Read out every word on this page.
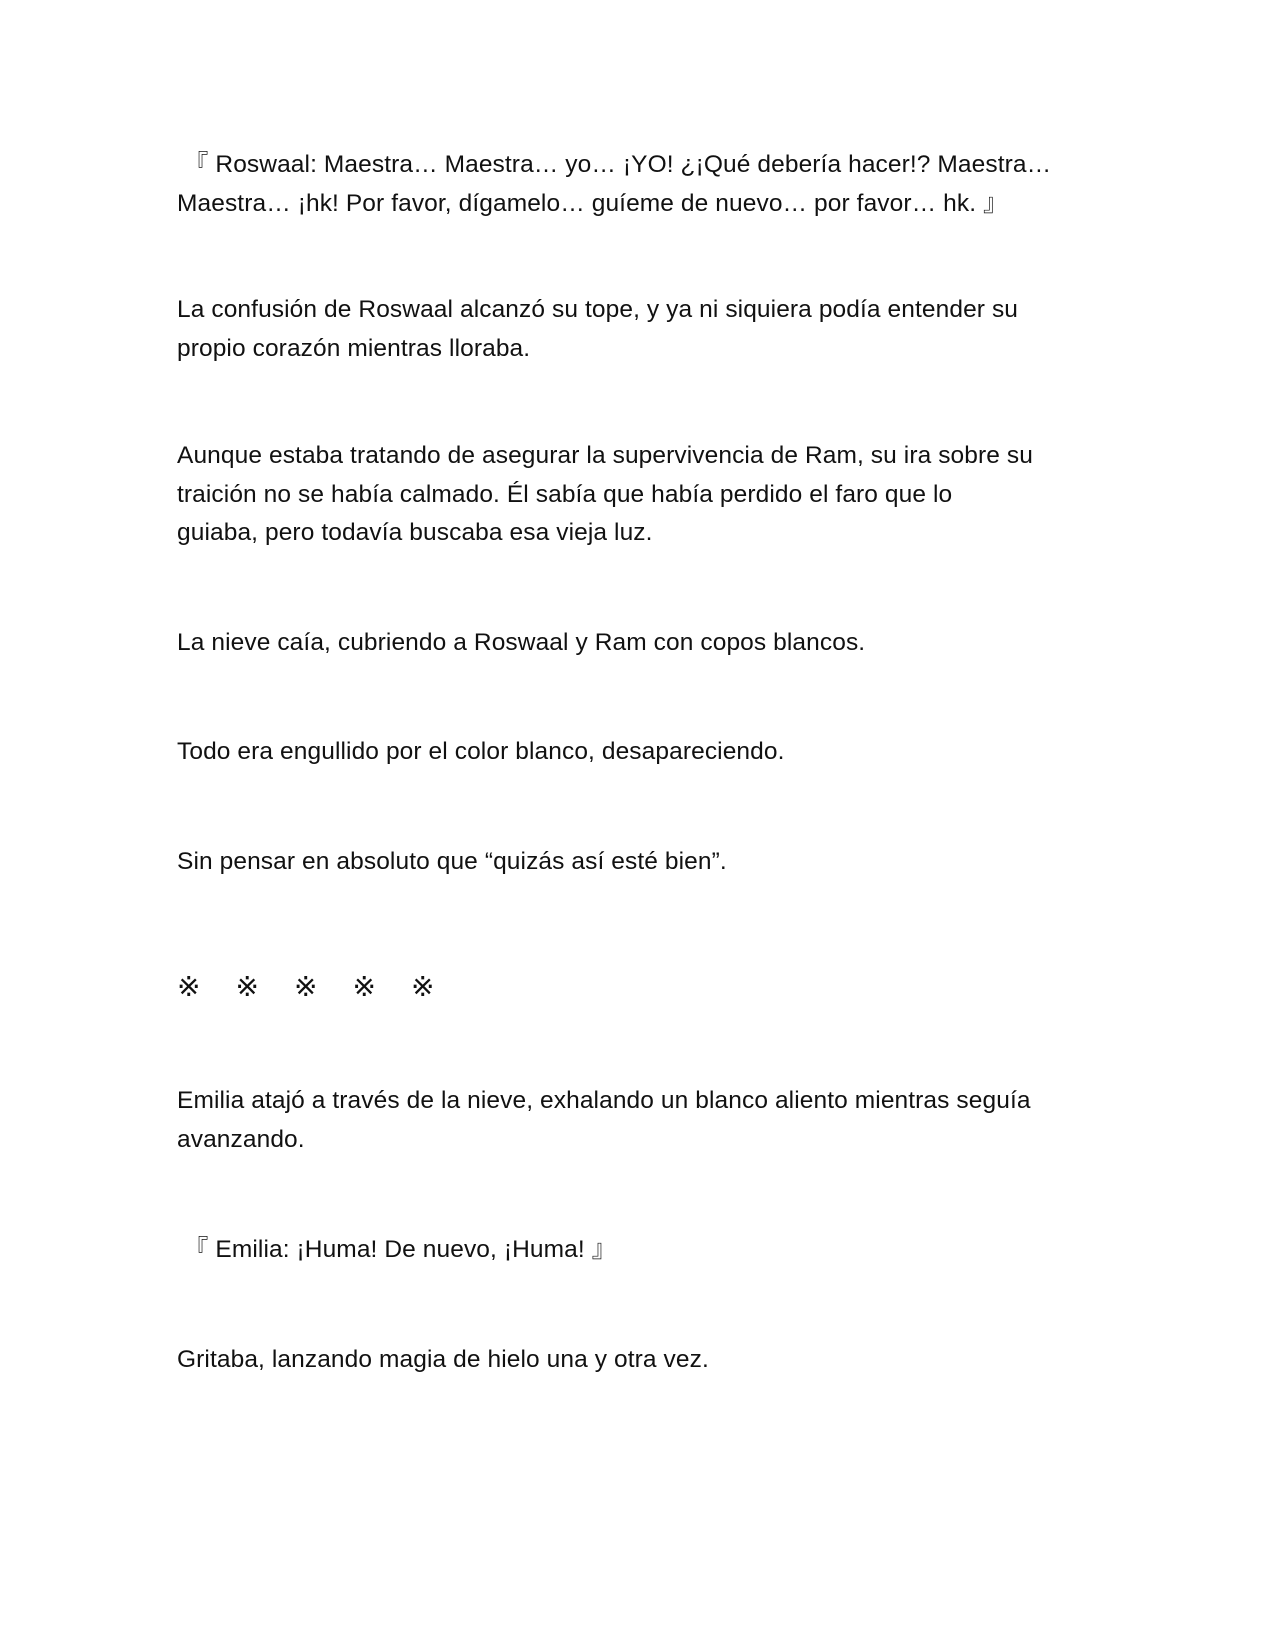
『 Roswaal: Maestra… Maestra… yo… ¡YO! ¿¡Qué debería hacer!? Maestra…
Maestra… ¡hk! Por favor, dígamelo… guíeme de nuevo… por favor… hk. 』

La confusión de Roswaal alcanzó su tope, y ya ni siquiera podía entender su
propio corazón mientras lloraba.

Aunque estaba tratando de asegurar la supervivencia de Ram, su ira sobre su
traición no se había calmado. Él sabía que había perdido el faro que lo
guiaba, pero todavía buscaba esa vieja luz.

La nieve caía, cubriendo a Roswaal y Ram con copos blancos.

Todo era engullido por el color blanco, desapareciendo.

Sin pensar en absoluto que “quizás así esté bien”.

※ ※ ※ ※ ※

Emilia atajó a través de la nieve, exhalando un blanco aliento mientras seguía
avanzando.

『 Emilia: ¡Huma! De nuevo, ¡Huma! 』

Gritaba, lanzando magia de hielo una y otra vez.
